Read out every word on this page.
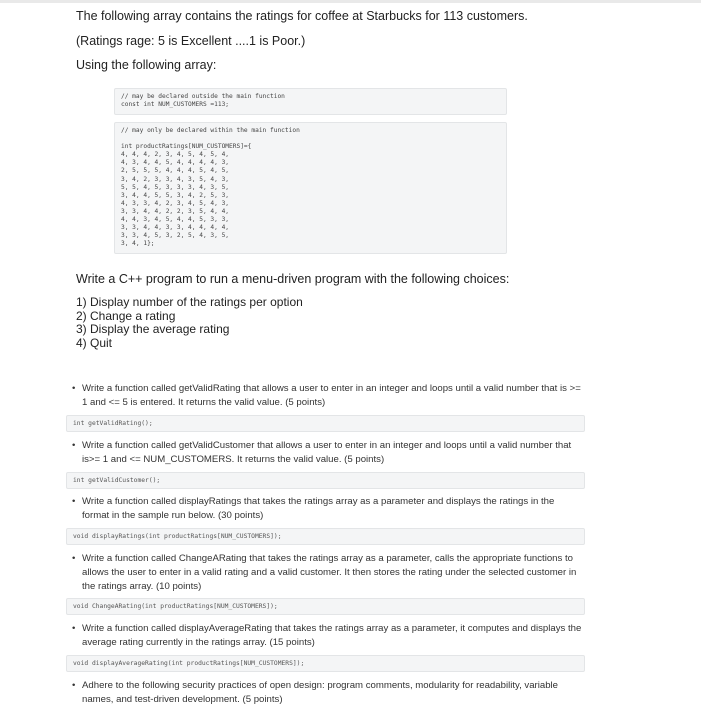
The following array contains the ratings for coffee at Starbucks for 113 customers.
(Ratings rage: 5 is Excellent ....1 is Poor.)
Using the following array:
// may be declared outside the main function
const int NUM_CUSTOMERS =113;
// may only be declared within the main function

int productRatings[NUM_CUSTOMERS]={
4, 4, 4, 2, 3, 4, 5, 4, 5, 4,
4, 3, 4, 4, 5, 4, 4, 4, 4, 3,
2, 5, 5, 5, 4, 4, 4, 5, 4, 5,
3, 4, 2, 3, 3, 4, 3, 5, 4, 3,
5, 5, 4, 5, 3, 3, 3, 4, 3, 5,
3, 4, 4, 5, 5, 3, 4, 2, 5, 3,
4, 3, 3, 4, 2, 3, 4, 5, 4, 3,
3, 3, 4, 4, 2, 2, 3, 5, 4, 4,
4, 4, 3, 4, 5, 4, 4, 5, 3, 3,
3, 3, 4, 4, 3, 3, 4, 4, 4, 4,
3, 3, 4, 5, 3, 2, 5, 4, 3, 5,
3, 4, 1};
Write a C++ program to run a menu-driven program with the following choices:
1) Display number of the ratings per option
2) Change a rating
3) Display the average rating
4) Quit
• Write a function called getValidRating that allows a user to enter in an integer and loops until a valid number that is >= 1 and <= 5 is entered. It returns the valid value. (5 points)
int getValidRating();
• Write a function called getValidCustomer that allows a user to enter in an integer and loops until a valid number that is>= 1 and <= NUM_CUSTOMERS. It returns the valid value. (5 points)
int getValidCustomer();
• Write a function called displayRatings that takes the ratings array as a parameter and displays the ratings in the format in the sample run below. (30 points)
void displayRatings(int productRatings[NUM_CUSTOMERS]);
• Write a function called ChangeARating that takes the ratings array as a parameter, calls the appropriate functions to allows the user to enter in a valid rating and a valid customer. It then stores the rating under the selected customer in the ratings array. (10 points)
void ChangeARating(int productRatings[NUM_CUSTOMERS]);
• Write a function called displayAverageRating that takes the ratings array as a parameter, it computes and displays the average rating currently in the ratings array. (15 points)
void displayAverageRating(int productRatings[NUM_CUSTOMERS]);
• Adhere to the following security practices of open design: program comments, modularity for readability, variable names, and test-driven development. (5 points)
